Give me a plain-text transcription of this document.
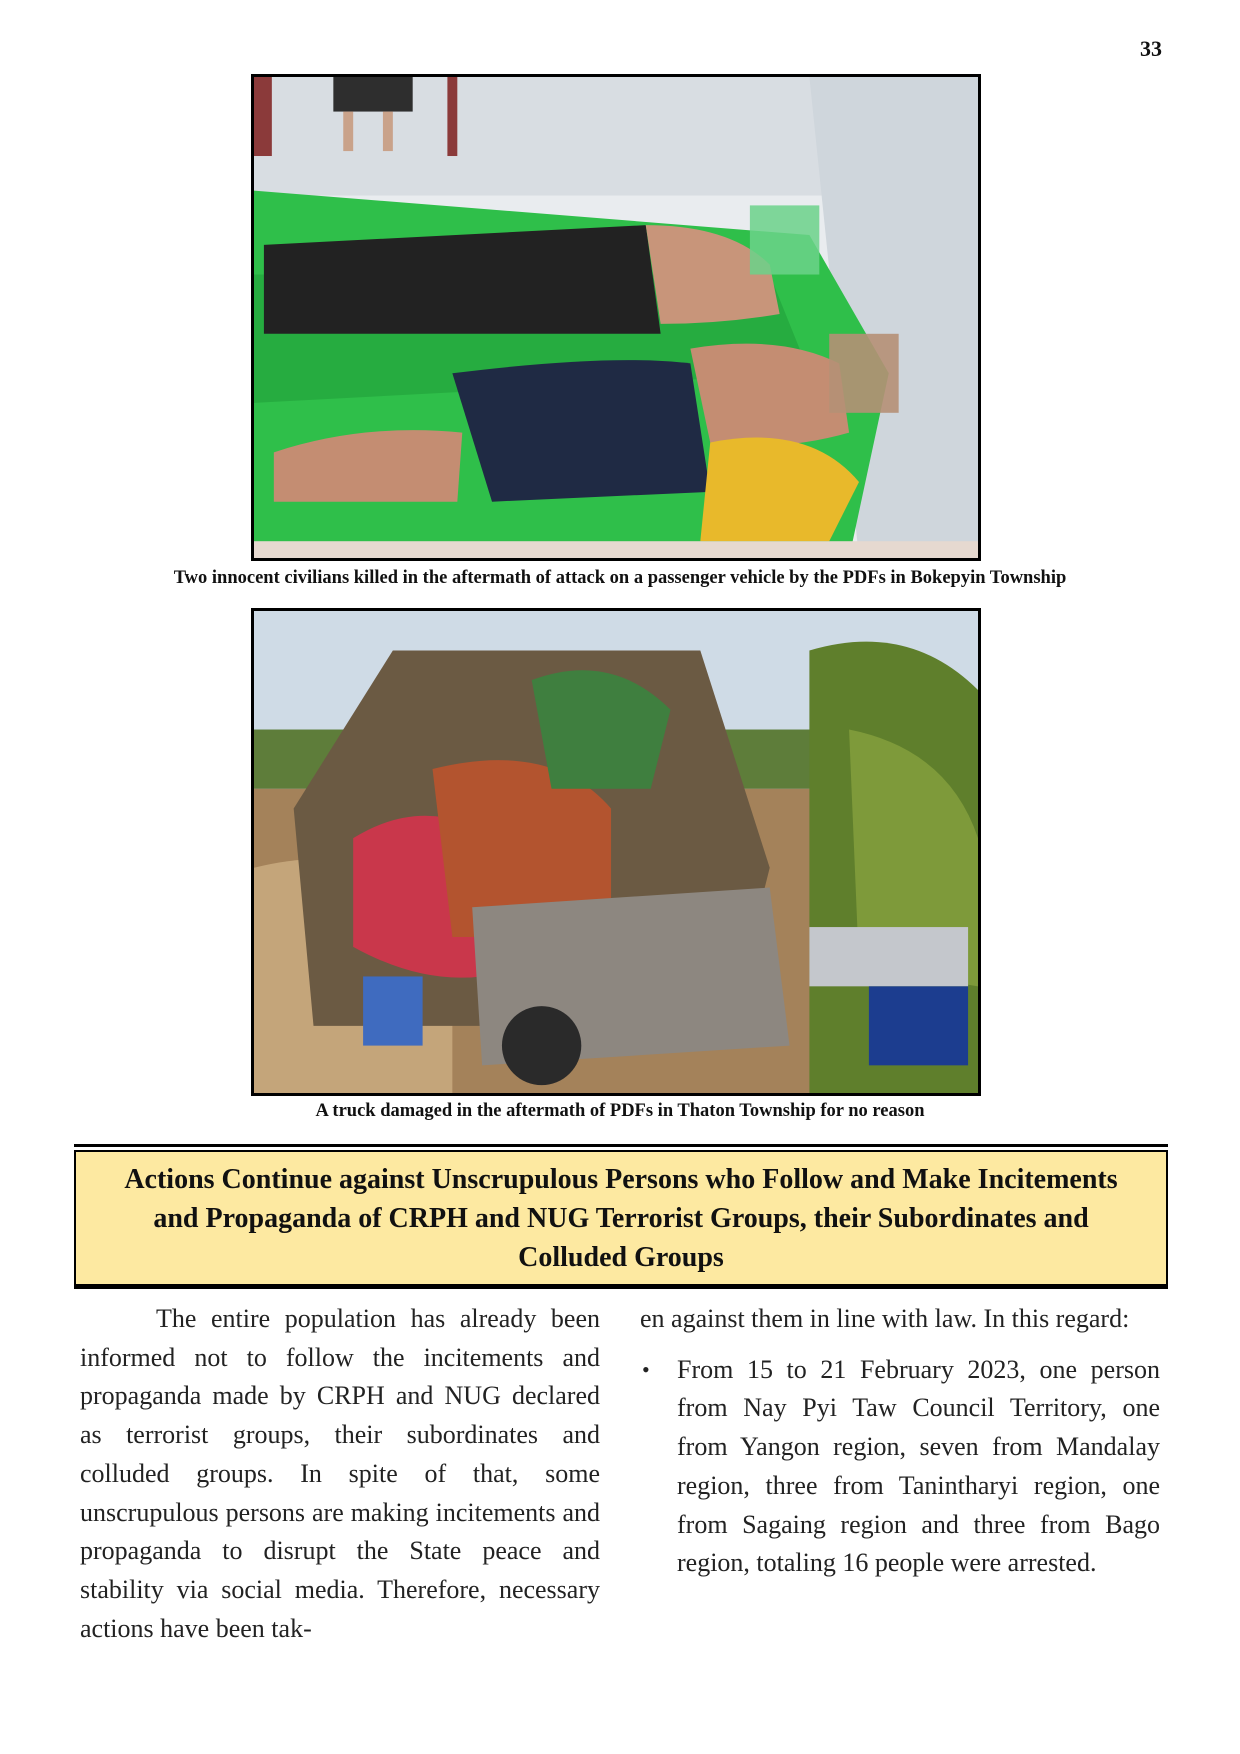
33
Two innocent civilians killed in the aftermath of attack on a passenger vehicle by the PDFs in Bokepyin Township
A truck damaged in the aftermath of PDFs in Thaton Township for no reason
Actions Continue against Unscrupulous Persons who Follow and Make Incitements and Propaganda of CRPH and NUG Terrorist Groups, their Subordinates and Colluded Groups

The entire population has already been informed not to follow the incitements and propaganda made by CRPH and NUG declared as terrorist groups, their subordinates and colluded groups. In spite of that, some unscrupulous persons are making incitements and propaganda to disrupt the State peace and stability via social media. Therefore, necessary actions have been tak-

en against them in line with law. In this regard:

• From 15 to 21 February 2023, one person from Nay Pyi Taw Council Territory, one from Yangon region, seven from Mandalay region, three from Tanintharyi region, one from Sagaing region and three from Bago region, totaling 16 people were arrested.
